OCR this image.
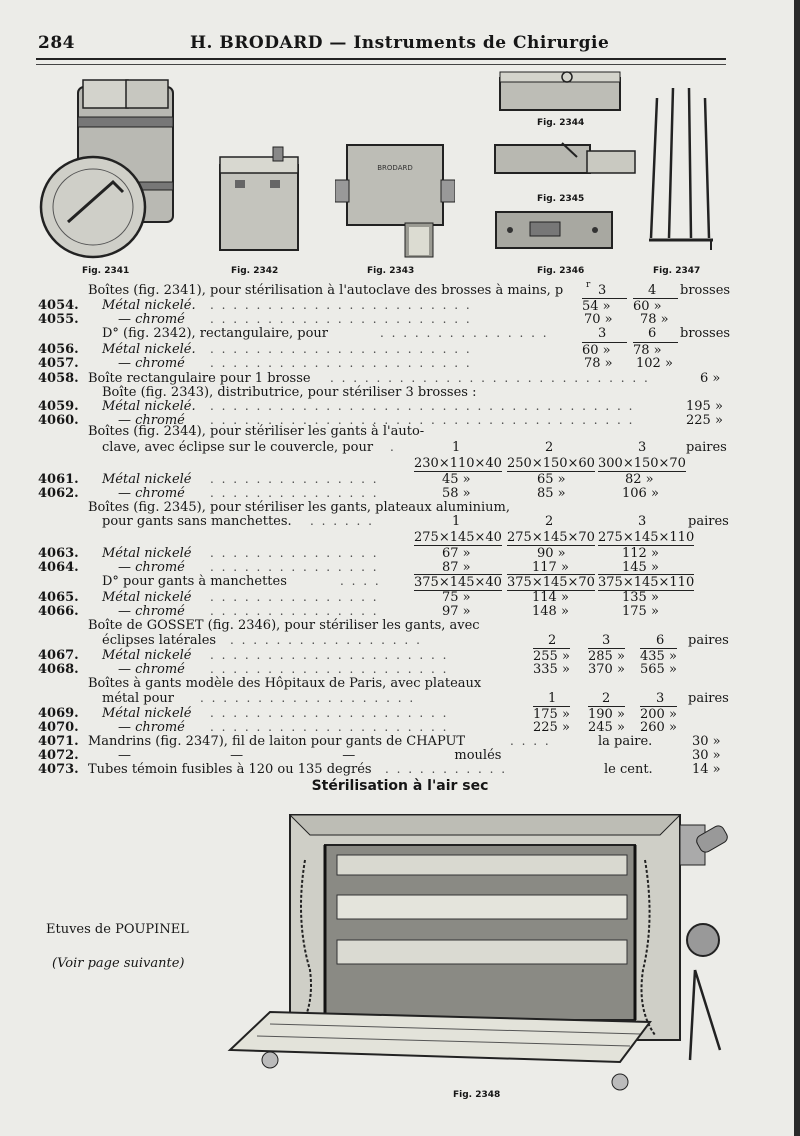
284	H. BRODARD — Instruments de Chirurgie
Fig. 2341	Fig. 2342
BRODARD
Fig. 2343
Fig. 2344
Fig. 2345
Fig. 2346	Fig. 2347
Boîtes (fig. 2341), pour stérilisation à l'autoclave des brosses à mains, p	r 3	4 brosses
4054. Métal nickelé. . . . . . . . . . . . . . . . . . . . . . . .	54 »	60 »
4055.	— chromé . . . . . . . . . . . . . . . . . . . . . . .	70 » 78 »
D° (fig. 2342), rectangulaire, pour	. . . . . . . . . . . . . . .	3	6 brosses
4056. Métal nickelé. . . . . . . . . . . . . . . . . . . . . . . .	60 »	78 »
4057.	— chromé . . . . . . . . . . . . . . . . . . . . . . .	78 » 102 »
4058. Boîte rectangulaire pour 1 brosse . . . . . . . . . . . . . . . . . . . . . . . . . . . .	6 »
Boîte (fig. 2343), distributrice, pour stériliser 3 brosses :
4059. Métal nickelé. . . . . . . . . . . . . . . . . . . . . . . . . . . . . . . . . . . . . .	195 »
4060.	— chromé . . . . . . . . . . . . . . . . . . . . . . . . . . . . . . . . . . . . .	225 »
Boîtes (fig. 2344), pour stériliser les gants à l'auto-
clave, avec éclipse sur le couvercle, pour .	1	2	3	paires
230×110×40 250×150×60 300×150×70
4061. Métal nickelé . . . . . . . . . . . . . . .	45 »	65 »	82 »
4062.	— chromé . . . . . . . . . . . . . . .	58 »	85 »	106 »
Boîtes (fig. 2345), pour stériliser les gants, plateaux aluminium,
pour gants sans manchettes. . . . . . .	1	2	3	paires
275×145×40 275×145×70 275×145×110
4063. Métal nickelé . . . . . . . . . . . . . . .	67 »	90 »	112 »
4064.	— chromé . . . . . . . . . . . . . . .	87 »	117 »	145 »
D° pour gants à manchettes	. . . .	375×145×40 375×145×70 375×145×110
4065. Métal nickelé . . . . . . . . . . . . . . .	75 »	114 »	135 »
4066.	— chromé . . . . . . . . . . . . . . .	97 »	148 »	175 »
Boîte de GOSSET (fig. 2346), pour stériliser les gants, avec
éclipses latérales . . . . . . . . . . . . . . . . .	2	3	6 paires
4067. Métal nickelé . . . . . . . . . . . . . . . . . . . . .	255 » 285 » 435 »
4068.	— chromé . . . . . . . . . . . . . . . . . . . . .	335 » 370 » 565 »
Boîtes à gants modèle des Hôpitaux de Paris, avec plateaux
métal pour . . . . . . . . . . . . . . . . . . .	1	2	3 paires
4069. Métal nickelé . . . . . . . . . . . . . . . . . . . . .	175 » 190 » 200 »
4070.	— chromé . . . . . . . . . . . . . . . . . . . . .	225 » 245 » 260 »
4071. Mandrins (fig. 2347), fil de laiton pour gants de CHAPUT	. . . .	la paire.	30 »
4072.	— — — moulés	30 »
4073. Tubes témoin fusibles à 120 ou 135 degrés . . . . . . . . . . .	le cent.	14 »
Stérilisation à l'air sec
Etuves de POUPINEL
(Voir page suivante)
Fig. 2348
